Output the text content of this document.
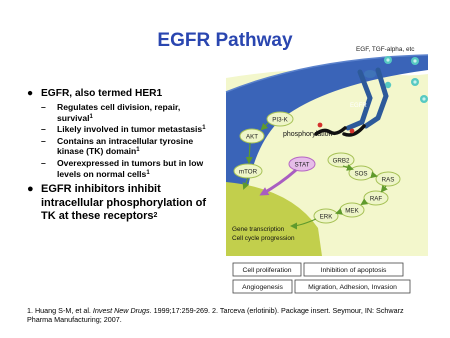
EGFR Pathway
● EGFR, also termed HER1
– Regulates cell division, repair, survival$^1$
– Likely involved in tumor metastasis$^1$
– Contains an intracellular tyrosine kinase (TK) domain$^1$
– Overexpressed in tumors but in low levels on normal cells$^1$
● EGFR inhibitors inhibit intracellular phosphorylation of TK at these receptors$^2$
1. Huang S-M, et al. Invest New Drugs. 1999;17:259-269. 2. Tarceva (erlotinib). Package insert. Seymour, IN: Schwarz Pharma Manufacturing; 2007.
EGF, TGF-alpha, etc
EGFR
phosphorylation
PI3-K
AKT
mTOR
STAT
GRB2
SOS
RAS
RAF
MEK
ERK
Gene transcription
Cell cycle progression
Cell proliferation	Inhibition of apoptosis
Angiogenesis	Migration, Adhesion, Invasion
